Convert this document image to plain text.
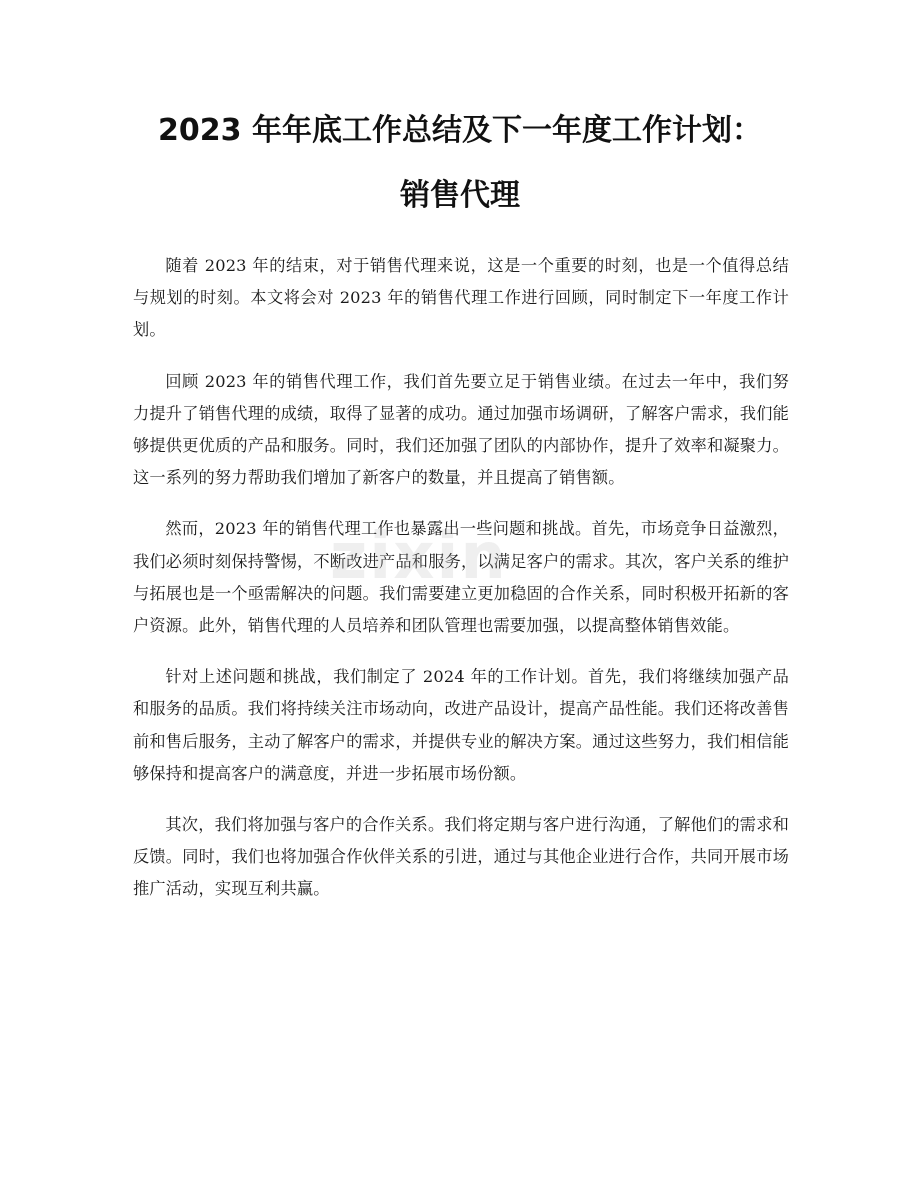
2023 年年底工作总结及下一年度工作计划：
销售代理

随着 2023 年的结束，对于销售代理来说，这是一个重要的时刻，也是一个值得总结与规划的时刻。本文将会对 2023 年的销售代理工作进行回顾，同时制定下一年度工作计划。

回顾 2023 年的销售代理工作，我们首先要立足于销售业绩。在过去一年中，我们努力提升了销售代理的成绩，取得了显著的成功。通过加强市场调研，了解客户需求，我们能够提供更优质的产品和服务。同时，我们还加强了团队的内部协作，提升了效率和凝聚力。这一系列的努力帮助我们增加了新客户的数量，并且提高了销售额。

然而，2023 年的销售代理工作也暴露出一些问题和挑战。首先，市场竞争日益激烈，我们必须时刻保持警惕，不断改进产品和服务，以满足客户的需求。其次，客户关系的维护与拓展也是一个亟需解决的问题。我们需要建立更加稳固的合作关系，同时积极开拓新的客户资源。此外，销售代理的人员培养和团队管理也需要加强，以提高整体销售效能。

针对上述问题和挑战，我们制定了 2024 年的工作计划。首先，我们将继续加强产品和服务的品质。我们将持续关注市场动向，改进产品设计，提高产品性能。我们还将改善售前和售后服务，主动了解客户的需求，并提供专业的解决方案。通过这些努力，我们相信能够保持和提高客户的满意度，并进一步拓展市场份额。

其次，我们将加强与客户的合作关系。我们将定期与客户进行沟通，了解他们的需求和反馈。同时，我们也将加强合作伙伴关系的引进，通过与其他企业进行合作，共同开展市场推广活动，实现互利共赢。

zixin
